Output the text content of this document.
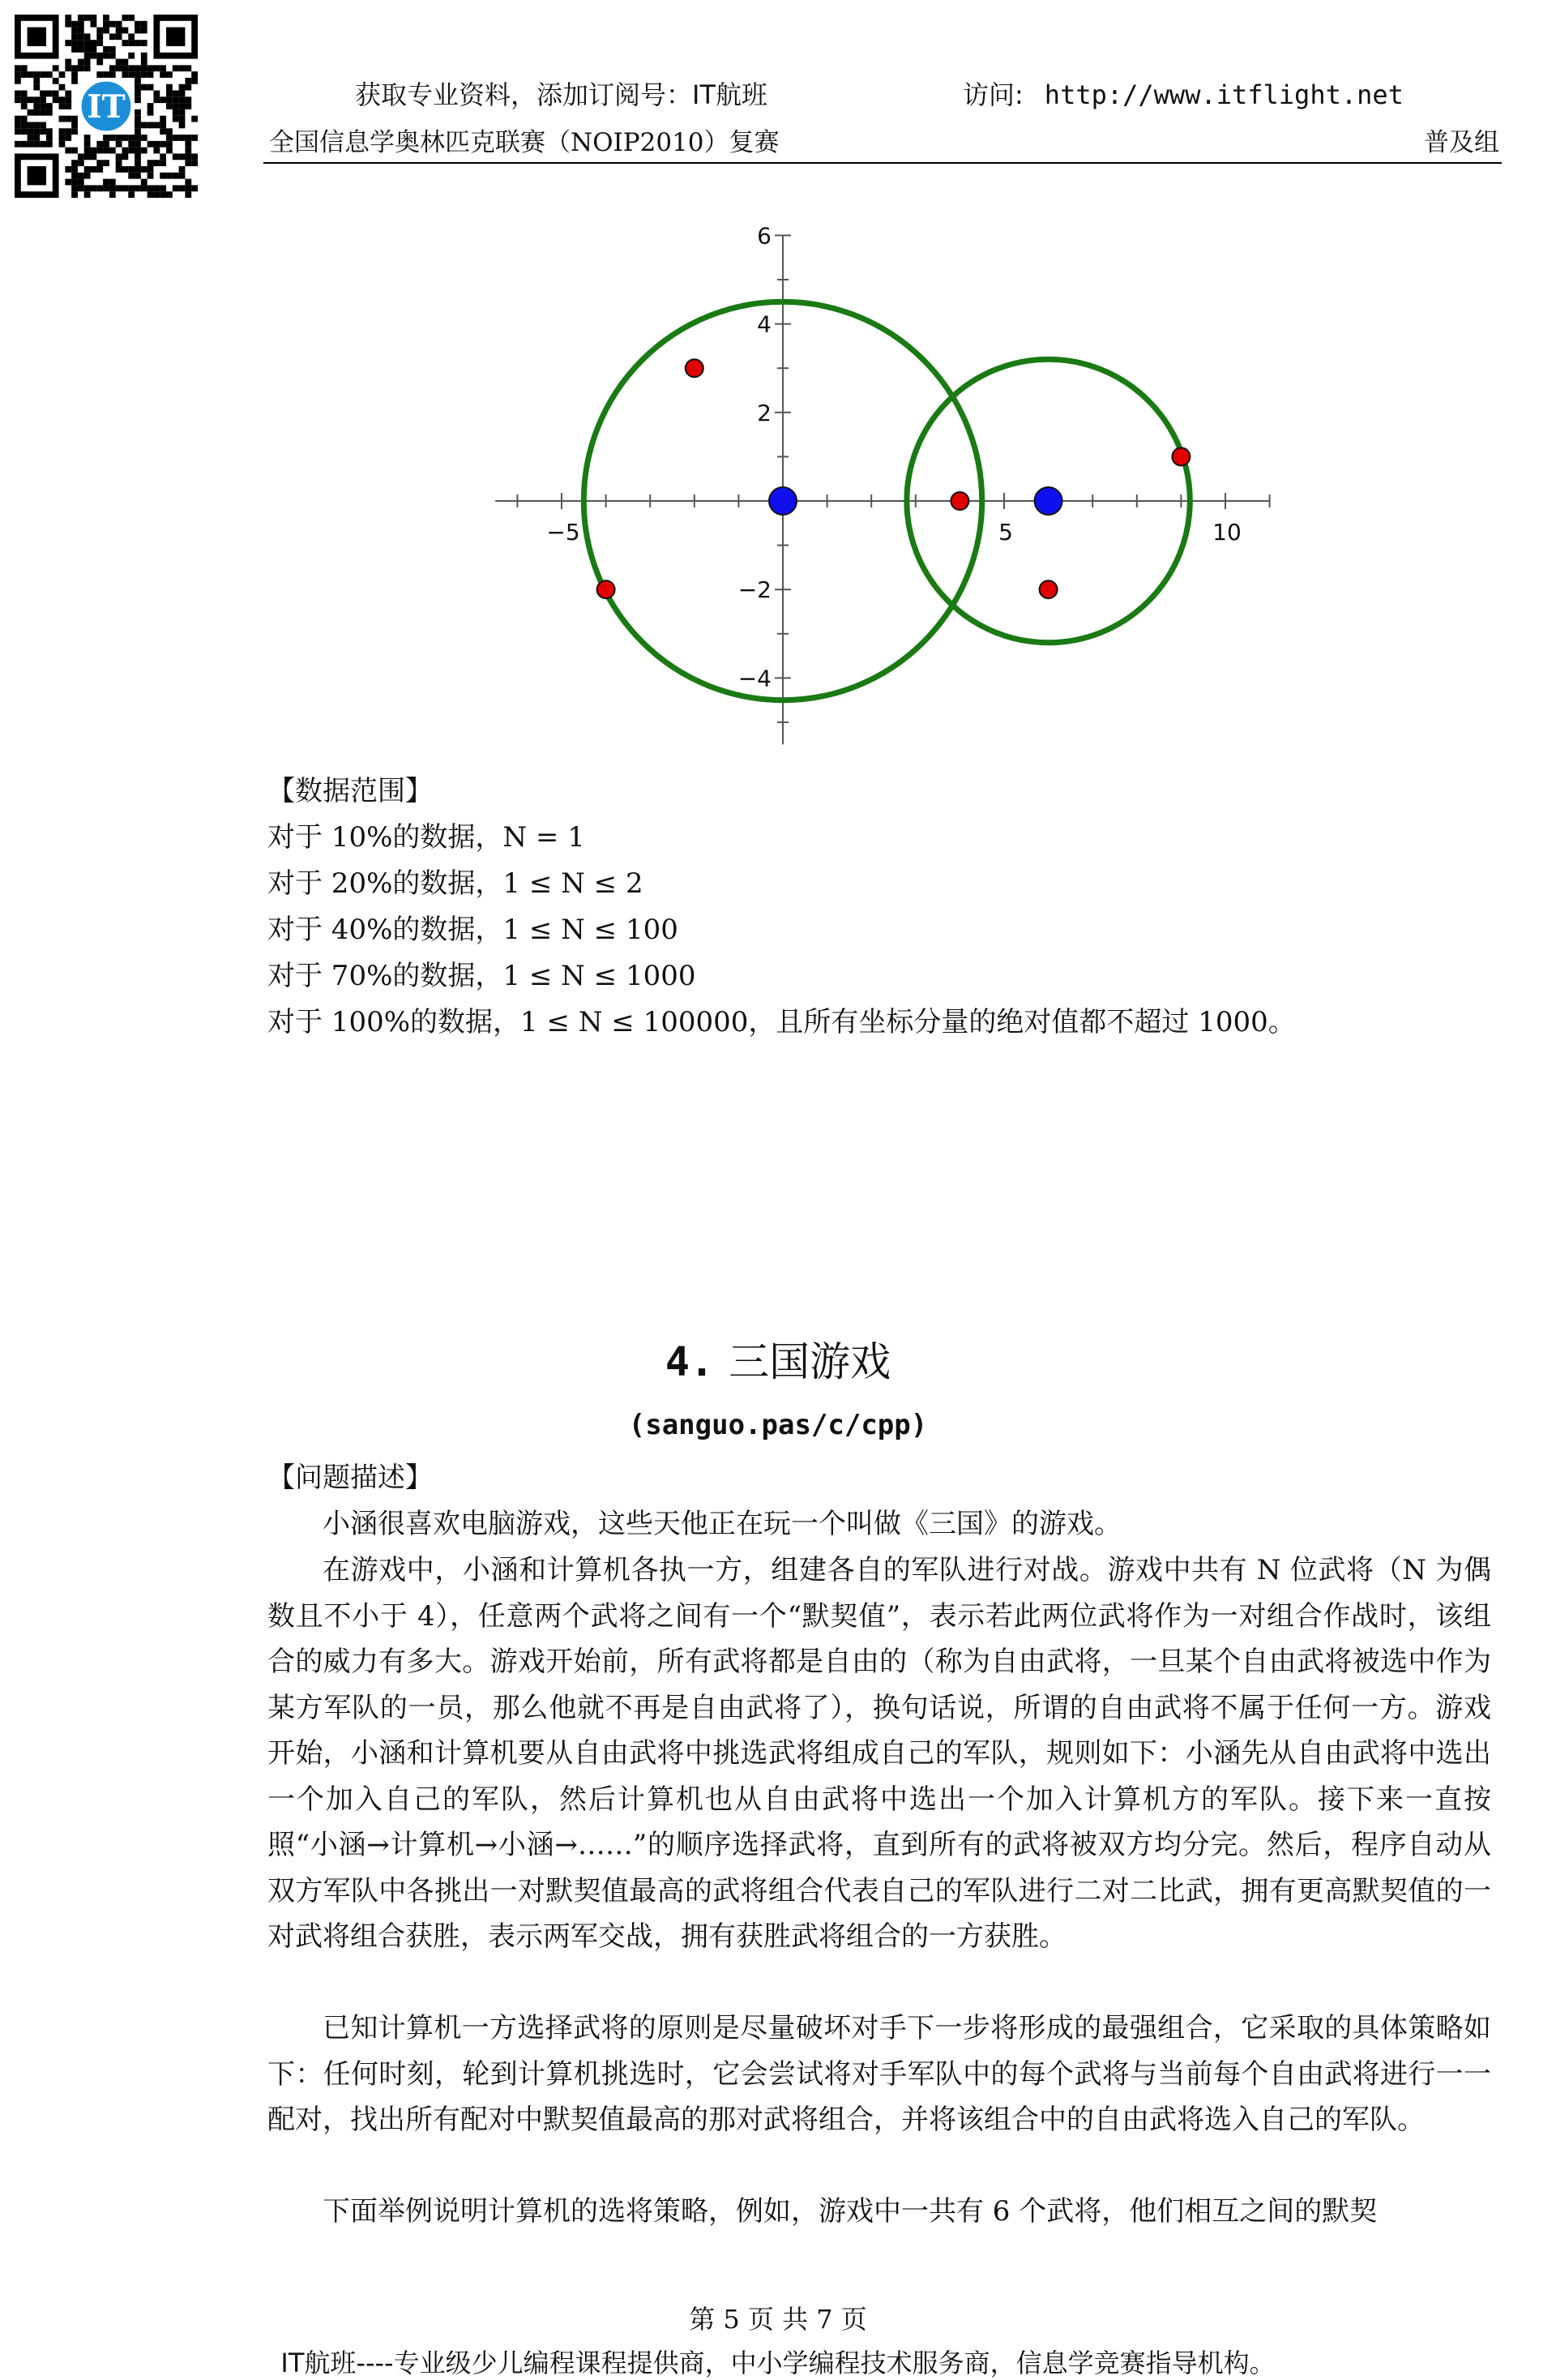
IT	获取专业资料，添加订阅号：IT航班	访问: http://www.itflight.net
全国信息学奥林匹克联赛（NOIP2010）复赛	普及组
−5	5	10
6
4
2
−2
−4
【数据范围】
对于 10%的数据，N = 1
对于 20%的数据，1 ≤ N ≤ 2
对于 40%的数据，1 ≤ N ≤ 100
对于 70%的数据，1 ≤ N ≤ 1000
对于 100%的数据，1 ≤ N ≤ 100000，且所有坐标分量的绝对值都不超过 1000。
4. 三国游戏
(sanguo.pas/c/cpp)
【问题描述】
小涵很喜欢电脑游戏，这些天他正在玩一个叫做《三国》的游戏。
在游戏中，小涵和计算机各执一方，组建各自的军队进行对战。游戏中共有 N 位武将（N 为偶数且不小于 4），任意两个武将之间有一个“默契值”，表示若此两位武将作为一对组合作战时，该组合的威力有多大。游戏开始前，所有武将都是自由的（称为自由武将，一旦某个自由武将被选中作为某方军队的一员，那么他就不再是自由武将了），换句话说，所谓的自由武将不属于任何一方。游戏开始，小涵和计算机要从自由武将中挑选武将组成自己的军队，规则如下：小涵先从自由武将中选出一个加入自己的军队，然后计算机也从自由武将中选出一个加入计算机方的军队。接下来一直按照“小涵→计算机→小涵→……”的顺序选择武将，直到所有的武将被双方均分完。然后，程序自动从双方军队中各挑出一对默契值最高的武将组合代表自己的军队进行二对二比武，拥有更高默契值的一对武将组合获胜，表示两军交战，拥有获胜武将组合的一方获胜。
已知计算机一方选择武将的原则是尽量破坏对手下一步将形成的最强组合，它采取的具体策略如下：任何时刻，轮到计算机挑选时，它会尝试将对手军队中的每个武将与当前每个自由武将进行一一配对，找出所有配对中默契值最高的那对武将组合，并将该组合中的自由武将选入自己的军队。
下面举例说明计算机的选将策略，例如，游戏中一共有 6 个武将，他们相互之间的默契
第 5 页 共 7 页
IT航班----专业级少儿编程课程提供商，中小学编程技术服务商，信息学竞赛指导机构。
